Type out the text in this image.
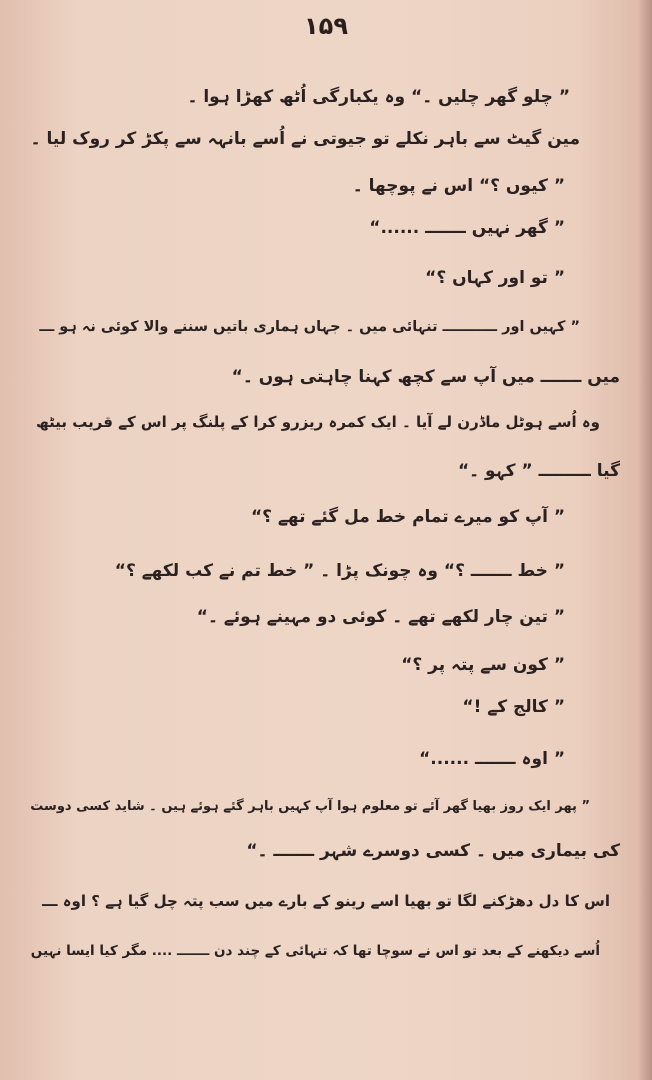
۱۵۹
” چلو گھر چلیں ۔“ وہ یکبارگی اُٹھ کھڑا ہوا ۔
مین گیٹ سے باہر نکلے تو جیوتی نے اُسے بانہہ سے پکڑ کر روک لیا ۔
” کیوں ؟“ اس نے پوچھا ۔
” گھر نہیں ـــــــ ......“
” تو اور کہاں ؟“
” کہیں اور ـــــــــــ تنہائی میں ۔ جہاں ہماری باتیں سننے والا کوئی نہ ہو ـــ
میں ـــــــ میں آپ سے کچھ کہنا چاہتی ہوں ۔“
وہ اُسے ہوٹل ماڈرن لے آیا ۔ ایک کمرہ ریزرو کرا کے پلنگ پر اس کے قریب بیٹھ
گیا ـــــــــ ” کہو ۔“
” آپ کو میرے تمام خط مل گئے تھے ؟“
” خط ـــــــ ؟“ وہ چونک پڑا ۔ ” خط تم نے کب لکھے ؟“
” تین چار لکھے تھے ۔ کوئی دو مہینے ہوئے ۔“
” کون سے پتہ پر ؟“
” کالج کے !“
” اوہ ـــــــ ......“
” پھر ایک روز بھیا گھر آئے تو معلوم ہوا آپ کہیں باہر گئے ہوئے ہیں ۔ شاید کسی دوست
کی بیماری میں ۔ کسی دوسرے شہر ـــــــ ۔“
اس کا دل دھڑکنے لگا تو بھیا اسے رینو کے بارے میں سب پتہ چل گیا ہے ؟ اوہ ـــ
اُسے دیکھنے کے بعد تو اس نے سوچا تھا کہ تنہائی کے چند دن ـــــــ .... مگر کیا ایسا نہیں
